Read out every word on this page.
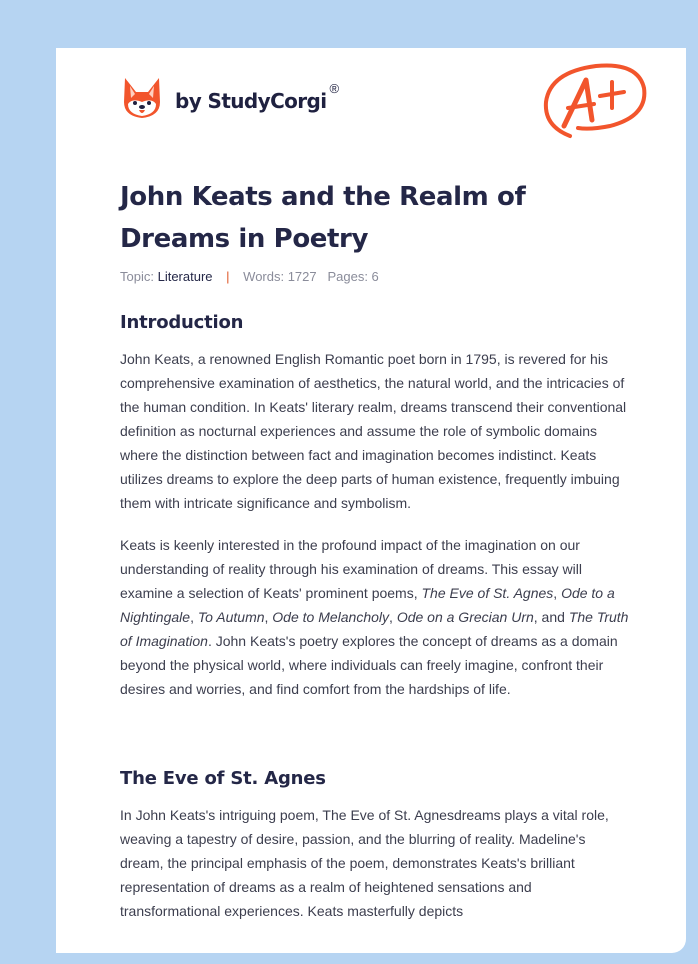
by StudyCorgi
®
John Keats and the Realm of Dreams in Poetry
Topic: Literature | Words: 1727 Pages: 6
Introduction

John Keats, a renowned English Romantic poet born in 1795, is revered for his comprehensive examination of aesthetics, the natural world, and the intricacies of the human condition. In Keats' literary realm, dreams transcend their conventional definition as nocturnal experiences and assume the role of symbolic domains where the distinction between fact and imagination becomes indistinct. Keats utilizes dreams to explore the deep parts of human existence, frequently imbuing them with intricate significance and symbolism.

Keats is keenly interested in the profound impact of the imagination on our understanding of reality through his examination of dreams. This essay will examine a selection of Keats' prominent poems, The Eve of St. Agnes, Ode to a Nightingale, To Autumn, Ode to Melancholy, Ode on a Grecian Urn, and The Truth of Imagination. John Keats's poetry explores the concept of dreams as a domain beyond the physical world, where individuals can freely imagine, confront their desires and worries, and find comfort from the hardships of life.

The Eve of St. Agnes

In John Keats's intriguing poem, The Eve of St. Agnesdreams plays a vital role, weaving a tapestry of desire, passion, and the blurring of reality. Madeline's dream, the principal emphasis of the poem, demonstrates Keats's brilliant representation of dreams as a realm of heightened sensations and transformational experiences. Keats masterfully depicts
